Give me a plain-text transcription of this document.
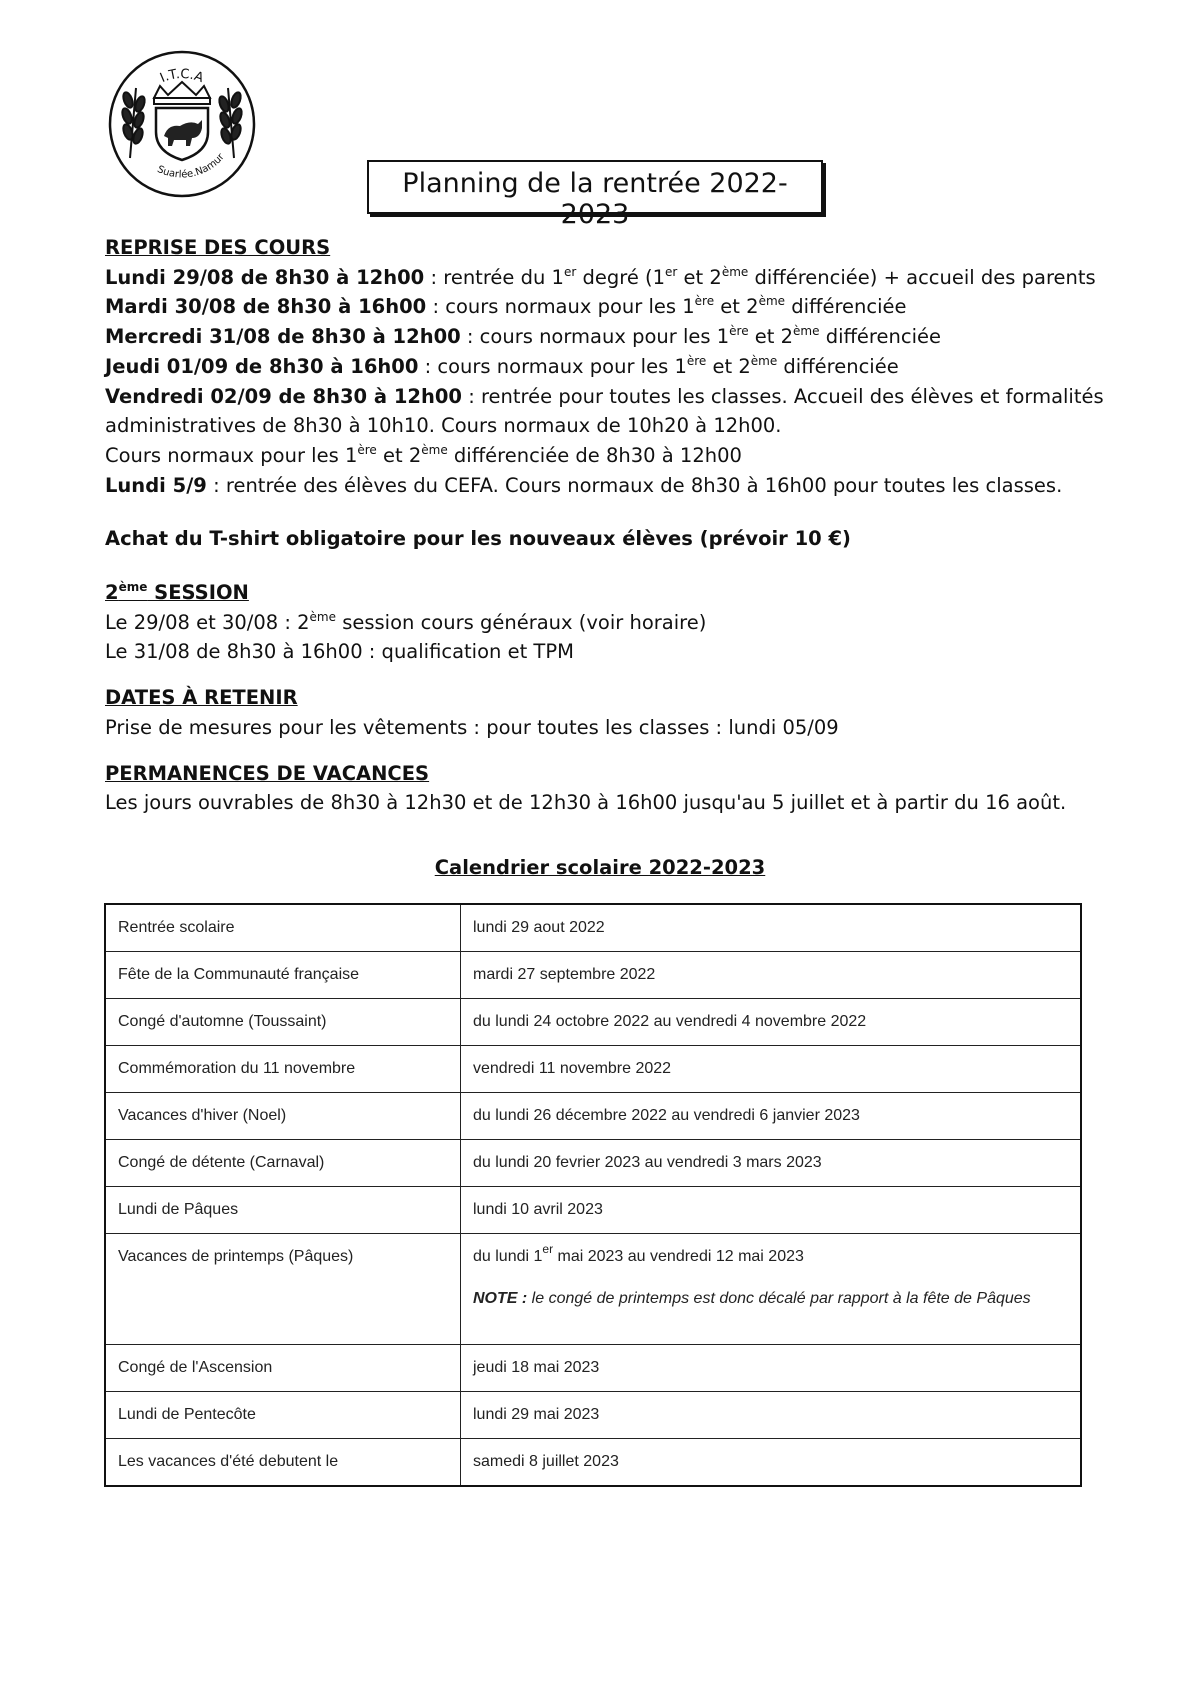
I.T.C.A
Suarlée.Namur
Planning de la rentrée 2022-2023

REPRISE DES COURS

Lundi 29/08 de 8h30 à 12h00 : rentrée du 1er degré (1er et 2ème différenciée) + accueil des parents

Mardi 30/08 de 8h30 à 16h00 : cours normaux pour les 1ère et 2ème différenciée

Mercredi 31/08 de 8h30 à 12h00 : cours normaux pour les 1ère et 2ème différenciée

Jeudi 01/09 de 8h30 à 16h00 : cours normaux pour les 1ère et 2ème différenciée

Vendredi 02/09 de 8h30 à 12h00 : rentrée pour toutes les classes. Accueil des élèves et formalités administratives de 8h30 à 10h10. Cours normaux de 10h20 à 12h00.

Cours normaux pour les 1ère et 2ème différenciée de 8h30 à 12h00

Lundi 5/9 : rentrée des élèves du CEFA. Cours normaux de 8h30 à 16h00 pour toutes les classes.

Achat du T-shirt obligatoire pour les nouveaux élèves (prévoir 10 €)

2ème SESSION

Le 29/08 et 30/08 : 2ème session cours généraux (voir horaire)

Le 31/08 de 8h30 à 16h00 : qualification et TPM

DATES À RETENIR

Prise de mesures pour les vêtements : pour toutes les classes : lundi 05/09

PERMANENCES DE VACANCES

Les jours ouvrables de 8h30 à 12h30 et de 12h30 à 16h00 jusqu'au 5 juillet et à partir du 16 août.

Calendrier scolaire 2022-2023
Rentrée scolaire	lundi 29 aout 2022
Fête de la Communauté française	mardi 27 septembre 2022
Congé d'automne (Toussaint)	du lundi 24 octobre 2022 au vendredi 4 novembre 2022
Commémoration du 11 novembre	vendredi 11 novembre 2022
Vacances d'hiver (Noel)	du lundi 26 décembre 2022 au vendredi 6 janvier 2023
Congé de détente (Carnaval)	du lundi 20 fevrier 2023 au vendredi 3 mars 2023
Lundi de Pâques	lundi 10 avril 2023
Vacances de printemps (Pâques)	du lundi 1er mai 2023 au vendredi 12 mai 2023
NOTE : le congé de printemps est donc décalé par rapport à la fête de Pâques

Congé de l'Ascension	jeudi 18 mai 2023
Lundi de Pentecôte	lundi 29 mai 2023
Les vacances d'été debutent le	samedi 8 juillet 2023
